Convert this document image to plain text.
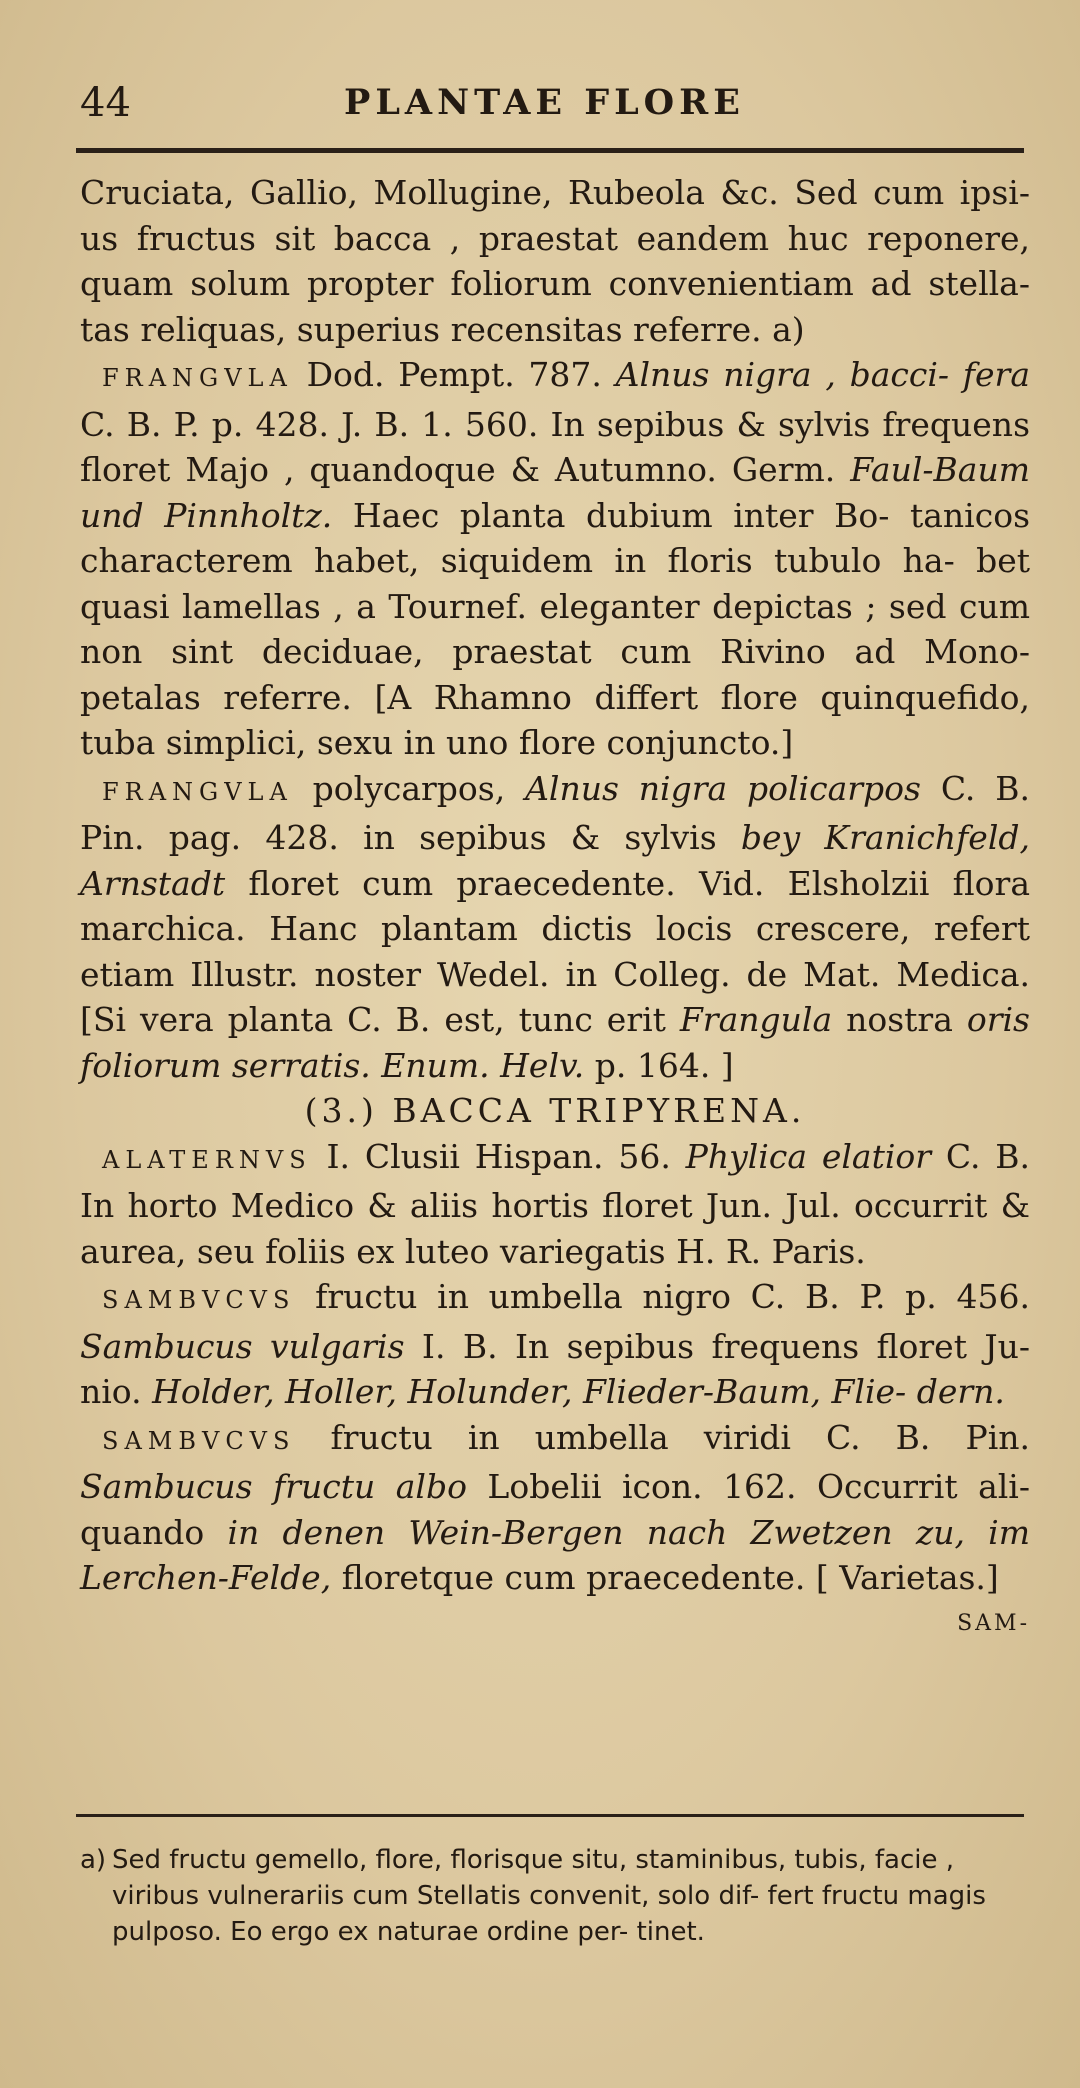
44	PLANTAE FLORE

Cruciata, Gallio, Mollugine, Rubeola &c. Sed cum ipsi- us fructus sit bacca , praestat eandem huc reponere, quam solum propter foliorum convenientiam ad stella- tas reliquas, superius recensitas referre. a)

FRANGVLA Dod. Pempt. 787. Alnus nigra , bacci- fera C. B. P. p. 428. J. B. 1. 560. In sepibus & sylvis frequens floret Majo , quandoque & Autumno. Germ. Faul-Baum und Pinnholtz. Haec planta dubium inter Bo- tanicos characterem habet, siquidem in floris tubulo ha- bet quasi lamellas , a Tournef. eleganter depictas ; sed cum non sint deciduae, praestat cum Rivino ad Mono- petalas referre. [A Rhamno differt flore quinquefido, tuba simplici, sexu in uno flore conjuncto.]

FRANGVLA polycarpos, Alnus nigra policarpos C. B. Pin. pag. 428. in sepibus & sylvis bey Kranichfeld, Arnstadt floret cum praecedente. Vid. Elsholzii flora marchica. Hanc plantam dictis locis crescere, refert etiam Illustr. noster Wedel. in Colleg. de Mat. Medica. [Si vera planta C. B. est, tunc erit Frangula nostra oris foliorum serratis. Enum. Helv. p. 164. ]

(3.) BACCA TRIPYRENA.

ALATERNVS I. Clusii Hispan. 56. Phylica elatior C. B. In horto Medico & aliis hortis floret Jun. Jul. occurrit & aurea, seu foliis ex luteo variegatis H. R. Paris.

SAMBVCVS fructu in umbella nigro C. B. P. p. 456. Sambucus vulgaris I. B. In sepibus frequens floret Ju- nio. Holder, Holler, Holunder, Flieder-Baum, Flie- dern.

SAMBVCVS fructu in umbella viridi C. B. Pin. Sambucus fructu albo Lobelii icon. 162. Occurrit ali- quando in denen Wein-Bergen nach Zwetzen zu, im Lerchen-Felde, floretque cum praecedente. [ Varietas.]

SAM-

a) Sed fructu gemello, flore, florisque situ, staminibus, tubis, facie , viribus vulnerariis cum Stellatis convenit, solo dif- fert fructu magis pulposo. Eo ergo ex naturae ordine per- tinet.
